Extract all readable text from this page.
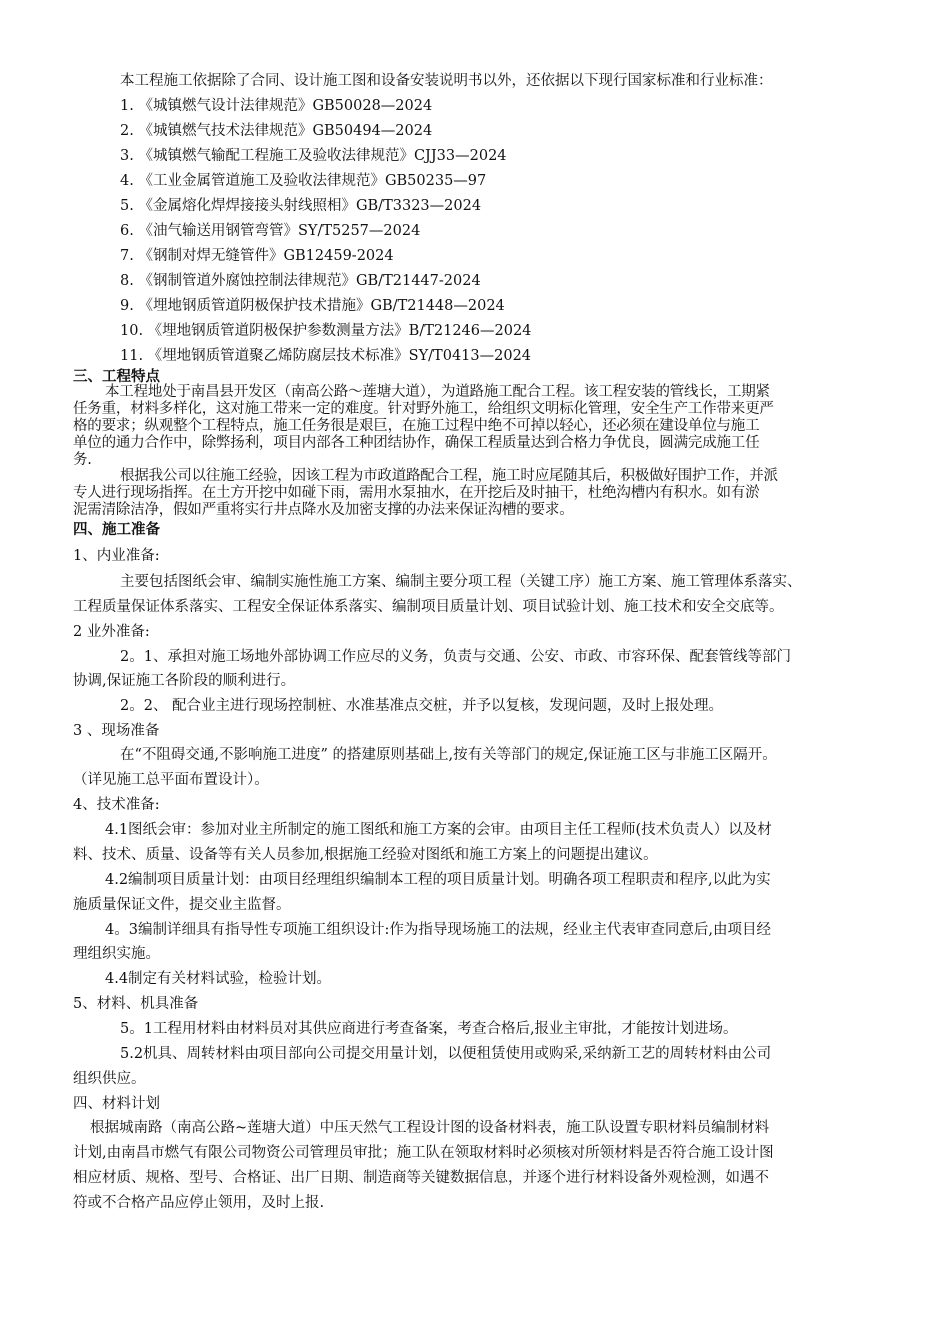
本工程施工依据除了合同、设计施工图和设备安装说明书以外，还依据以下现行国家标准和行业标准：
1. 《城镇燃气设计法律规范》GB50028—2024
2. 《城镇燃气技术法律规范》GB50494—2024
3. 《城镇燃气输配工程施工及验收法律规范》CJJ33—2024
4. 《工业金属管道施工及验收法律规范》GB50235—97
5. 《金属熔化焊焊接接头射线照相》GB/T3323—2024
6. 《油气输送用钢管弯管》SY/T5257—2024
7. 《钢制对焊无缝管件》GB12459-2024
8. 《钢制管道外腐蚀控制法律规范》GB/T21447-2024
9. 《埋地钢质管道阴极保护技术措施》GB/T21448—2024
10. 《埋地钢质管道阴极保护参数测量方法》B/T21246—2024
11. 《埋地钢质管道聚乙烯防腐层技术标准》SY/T0413—2024
三、工程特点
本工程地处于南昌县开发区（南高公路～莲塘大道），为道路施工配合工程。该工程安装的管线长，工期紧
任务重，材料多样化，这对施工带来一定的难度。针对野外施工，给组织文明标化管理，安全生产工作带来更严
格的要求；纵观整个工程特点，施工任务很是艰巨，在施工过程中绝不可掉以轻心，还必须在建设单位与施工
单位的通力合作中，除弊扬利，项目内部各工种团结协作，确保工程质量达到合格力争优良，圆满完成施工任
务.
根据我公司以往施工经验，因该工程为市政道路配合工程，施工时应尾随其后，积极做好围护工作，并派
专人进行现场指挥。在土方开挖中如碰下雨，需用水泵抽水，在开挖后及时抽干，杜绝沟槽内有积水。如有淤
泥需清除洁净，假如严重将实行井点降水及加密支撑的办法来保证沟槽的要求。
四、施工准备
1、内业准备:
主要包括图纸会审、编制实施性施工方案、编制主要分项工程（关键工序）施工方案、施工管理体系落实、
工程质量保证体系落实、工程安全保证体系落实、编制项目质量计划、项目试验计划、施工技术和安全交底等。
2 业外准备:
2。1、承担对施工场地外部协调工作应尽的义务，负责与交通、公安、市政、市容环保、配套管线等部门
协调,保证施工各阶段的顺利进行。
2。2、 配合业主进行现场控制桩、水准基准点交桩，并予以复核，发现问题，及时上报处理。
3 、现场准备
在“不阻碍交通,不影响施工进度” 的搭建原则基础上,按有关等部门的规定,保证施工区与非施工区隔开。
（详见施工总平面布置设计）。
4、技术准备:
4.1图纸会审：参加对业主所制定的施工图纸和施工方案的会审。由项目主任工程师(技术负责人）以及材
料、技术、质量、设备等有关人员参加,根据施工经验对图纸和施工方案上的问题提出建议。
4.2编制项目质量计划：由项目经理组织编制本工程的项目质量计划。明确各项工程职责和程序,以此为实
施质量保证文件，提交业主监督。
4。3编制详细具有指导性专项施工组织设计:作为指导现场施工的法规，经业主代表审查同意后,由项目经
理组织实施。
4.4制定有关材料试验，检验计划。
5、材料、机具准备
5。1工程用材料由材料员对其供应商进行考查备案，考查合格后,报业主审批，才能按计划进场。
5.2机具、周转材料由项目部向公司提交用量计划，以便租赁使用或购采,采纳新工艺的周转材料由公司
组织供应。
四、材料计划
根据城南路（南高公路~莲塘大道）中压天然气工程设计图的设备材料表，施工队设置专职材料员编制材料
计划,由南昌市燃气有限公司物资公司管理员审批；施工队在领取材料时必须核对所领材料是否符合施工设计图
相应材质、规格、型号、合格证、出厂日期、制造商等关键数据信息，并逐个进行材料设备外观检测，如遇不
符或不合格产品应停止领用，及时上报.
